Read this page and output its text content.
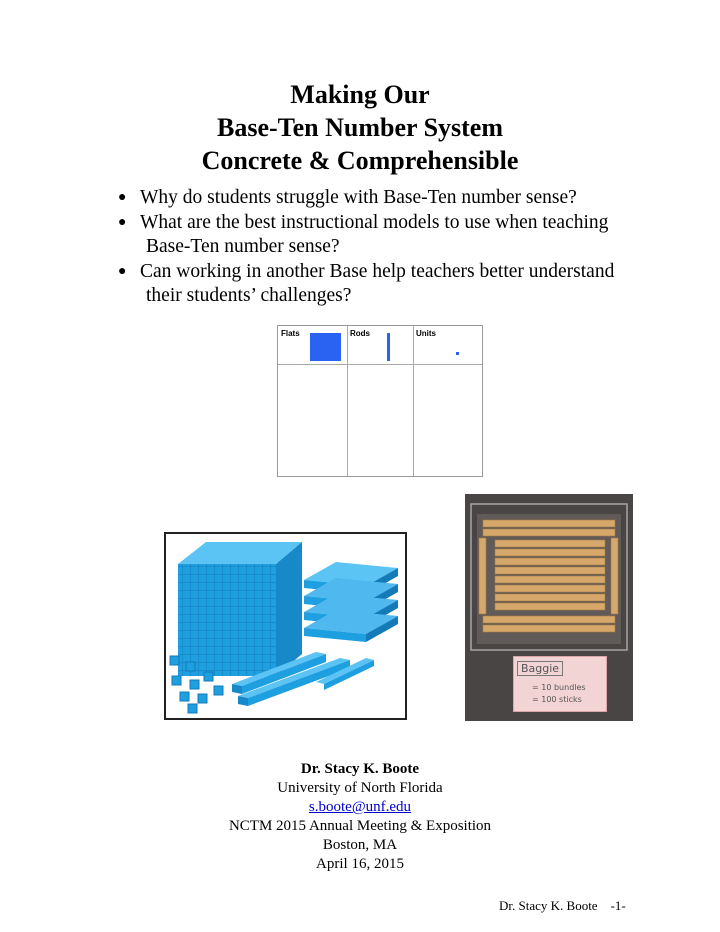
Making Our
Base-Ten Number System
Concrete & Comprehensible
● Why do students struggle with Base-Ten number sense?
● What are the best instructional models to use when teaching
Base-Ten number sense?
● Can working in another Base help teachers better understand
their students’ challenges?
Flats	Rods	Units
Baggie
= 10 bundles
= 100 sticks
Dr. Stacy K. Boote
University of North Florida
s.boote@unf.edu
NCTM 2015 Annual Meeting & Exposition
Boston, MA
April 16, 2015
Dr. Stacy K. Boote -1-
